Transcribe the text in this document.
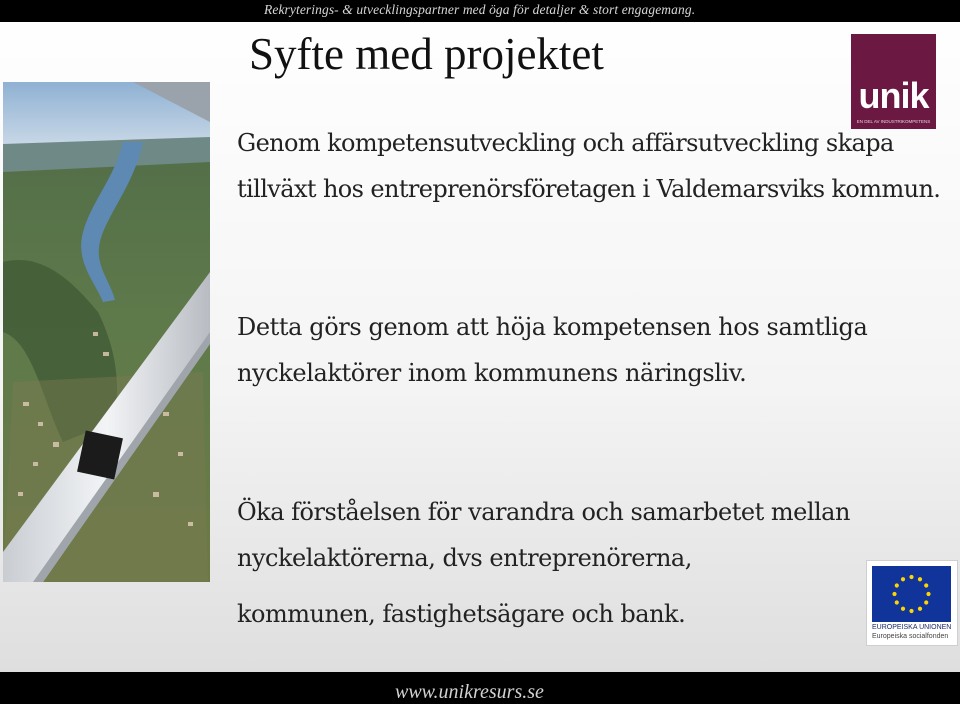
Rekryterings- & utvecklingspartner med öga för detaljer & stort engagemang.
Syfte med projektet
Genom kompetensutveckling och affärsutveckling skapa tillväxt hos entreprenörsföretagen i Valdemarsviks kommun.
Detta görs genom att höja kompetensen hos samtliga nyckelaktörer inom kommunens näringsliv.
Öka förståelsen för varandra och samarbetet mellan nyckelaktörerna, dvs entreprenörerna,
kommunen, fastighetsägare och bank.
unik
EN DEL AV INDUSTRIKOMPETENS
EUROPEISKA UNIONEN
Europeiska socialfonden
www.unikresurs.se
